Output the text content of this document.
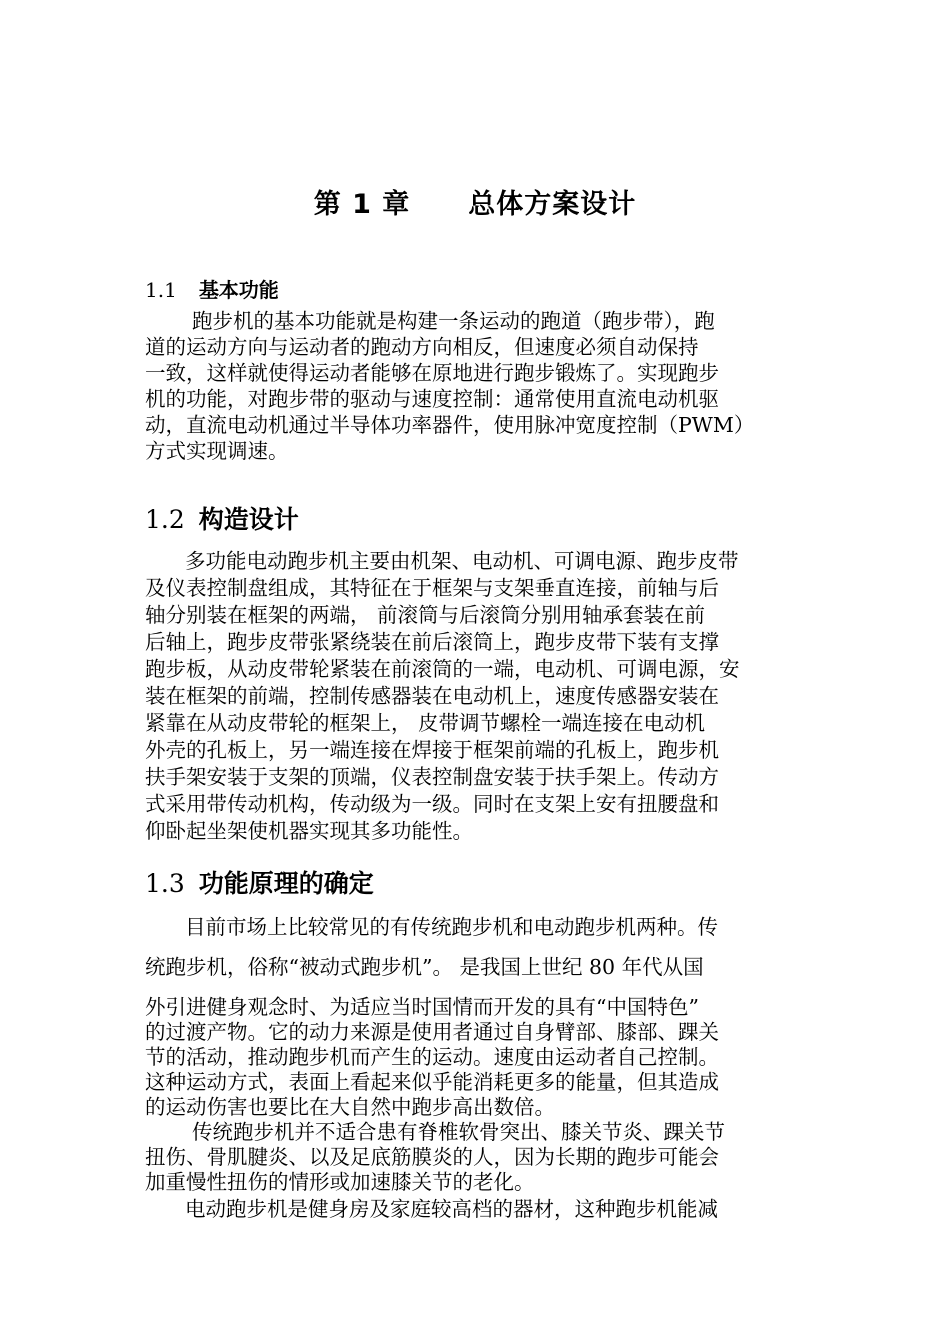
第 1 章 总体方案设计
1.1 基本功能
跑步机的基本功能就是构建一条运动的跑道（跑步带），跑
道的运动方向与运动者的跑动方向相反，但速度必须自动保持
一致，这样就使得运动者能够在原地进行跑步锻炼了。实现跑步
机的功能，对跑步带的驱动与速度控制：通常使用直流电动机驱
动，直流电动机通过半导体功率器件，使用脉冲宽度控制（PWM）
方式实现调速。
1.2 构造设计
多功能电动跑步机主要由机架、电动机、可调电源、跑步皮带
及仪表控制盘组成，其特征在于框架与支架垂直连接，前轴与后
轴分别装在框架的两端， 前滚筒与后滚筒分别用轴承套装在前
后轴上，跑步皮带张紧绕装在前后滚筒上，跑步皮带下装有支撑
跑步板，从动皮带轮紧装在前滚筒的一端，电动机、可调电源，安
装在框架的前端，控制传感器装在电动机上，速度传感器安装在
紧靠在从动皮带轮的框架上， 皮带调节螺栓一端连接在电动机
外壳的孔板上，另一端连接在焊接于框架前端的孔板上，跑步机
扶手架安装于支架的顶端，仪表控制盘安装于扶手架上。传动方
式采用带传动机构，传动级为一级。同时在支架上安有扭腰盘和
仰卧起坐架使机器实现其多功能性。
1.3 功能原理的确定
目前市场上比较常见的有传统跑步机和电动跑步机两种。传
统跑步机，俗称“被动式跑步机”。 是我国上世纪 80 年代从国
外引进健身观念时、为适应当时国情而开发的具有“中国特色”
的过渡产物。它的动力来源是使用者通过自身臂部、膝部、踝关
节的活动，推动跑步机而产生的运动。速度由运动者自己控制。
这种运动方式，表面上看起来似乎能消耗更多的能量，但其造成
的运动伤害也要比在大自然中跑步高出数倍。
传统跑步机并不适合患有脊椎软骨突出、膝关节炎、踝关节
扭伤、骨肌腱炎、以及足底筋膜炎的人，因为长期的跑步可能会
加重慢性扭伤的情形或加速膝关节的老化。
电动跑步机是健身房及家庭较高档的器材，这种跑步机能减
